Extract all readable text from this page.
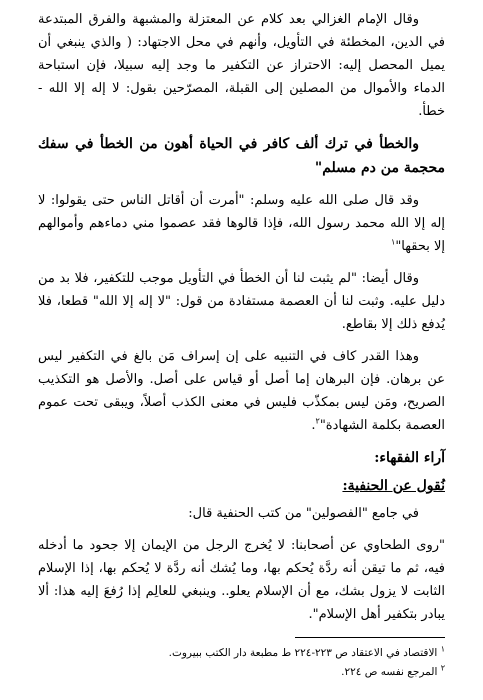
وقال الإمام الغزالي بعد كلام عن المعتزلة والمشبهة والفرق المبتدعة في الدين، المخطئة في التأويل، وأنهم في محل الاجتهاد: ( والذي ينبغي أن يميل المحصل إليه: الاحتراز عن التكفير ما وجد إليه سبيلا، فإن استباحة الدماء والأموال من المصلين إلى القبلة، المصرّحين بقول: لا إله إلا الله - خطأ.

والخطأ في ترك ألف كافر في الحياة أهون من الخطأ في سفك محجمة من دم مسلم"

وقد قال صلى الله عليه وسلم: "أمرت أن أقاتل الناس حتى يقولوا: لا إله إلا الله محمد رسول الله، فإذا قالوها فقد عصموا مني دماءهم وأموالهم إلا بحقها"$^١$

وقال أيضا: "لم يثبت لنا أن الخطأ في التأويل موجب للتكفير، فلا بد من دليل عليه. وثبت لنا أن العصمة مستفادة من قول: "لا إله إلا الله" قطعا، فلا يُدفع ذلك إلا بقاطع.

وهذا القدر كاف في التنبيه على إن إسراف مَن بالغ في التكفير ليس عن برهان. فإن البرهان إما أصل أو قياس على أصل. والأصل هو التكذيب الصريح، ومَن ليس بمكذّب فليس في معنى الكذب أصلاً، ويبقى تحت عموم العصمة بكلمة الشهادة"$^٢$.

آراء الفقهاء:
نُقول عن الحنفية:

في جامع "الفصولين" من كتب الحنفية قال:

"روى الطحاوي عن أصحابنا: لا يُخرج الرجل من الإيمان إلا جحود ما أدخله فيه، ثم ما تيقن أنه ردَّة يُحكم بها، وما يُشك أنه ردَّة لا يُحكم بها، إذا الإسلام الثابت لا يزول بشك، مع أن الإسلام يعلو.. وينبغي للعالِم إذا رُفعَ إليه هذا: ألا يبادر بتكفير أهل الإسلام".

$^١$ الاقتصاد في الاعتقاد ص ٢٢٣-٢٢٤ ط مطبعة دار الكتب ببيروت.

$^٢$ المرجع نفسه ص ٢٢٤.
